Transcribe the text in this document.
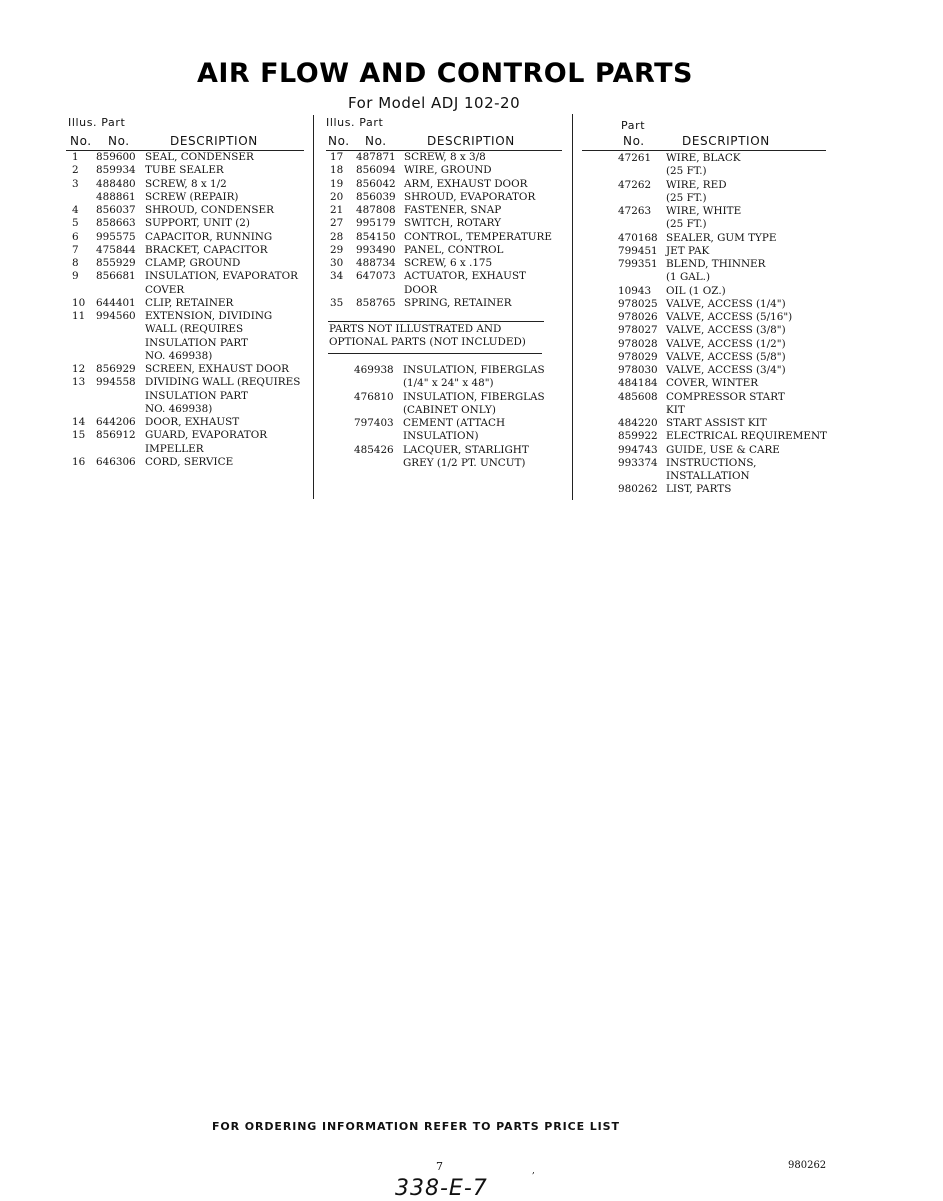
AIR FLOW AND CONTROL PARTS
For Model ADJ 102-20
Illus. Part
No. No.	DESCRIPTION
1 859600 SEAL, CONDENSER
2 859934 TUBE SEALER
3 488480 SCREW, 8 x 1/2
488861 SCREW (REPAIR)
4 856037 SHROUD, CONDENSER
5 858663 SUPPORT, UNIT (2)
6 995575 CAPACITOR, RUNNING
7 475844 BRACKET, CAPACITOR
8 855929 CLAMP, GROUND
9 856681 INSULATION, EVAPORATOR
COVER
10 644401 CLIP, RETAINER
11 994560 EXTENSION, DIVIDING
WALL (REQUIRES
INSULATION PART
NO. 469938)
12 856929 SCREEN, EXHAUST DOOR
13 994558 DIVIDING WALL (REQUIRES
INSULATION PART
NO. 469938)
14 644206 DOOR, EXHAUST
15 856912 GUARD, EVAPORATOR
IMPELLER
16 646306 CORD, SERVICE
Illus. Part
No. No.	DESCRIPTION
17 487871 SCREW, 8 x 3/8
18 856094 WIRE, GROUND
19 856042 ARM, EXHAUST DOOR
20 856039 SHROUD, EVAPORATOR
21 487808 FASTENER, SNAP
27 995179 SWITCH, ROTARY
28 854150 CONTROL, TEMPERATURE
29 993490 PANEL, CONTROL
30 488734 SCREW, 6 x .175
34 647073 ACTUATOR, EXHAUST
DOOR
35 858765 SPRING, RETAINER
PARTS NOT ILLUSTRATED AND
OPTIONAL PARTS (NOT INCLUDED)
469938 INSULATION, FIBERGLAS
(1/4" x 24" x 48")
476810 INSULATION, FIBERGLAS
(CABINET ONLY)
797403 CEMENT (ATTACH
INSULATION)
485426 LACQUER, STARLIGHT
GREY (1/2 PT. UNCUT)
Part
No.	DESCRIPTION
47261 WIRE, BLACK
(25 FT.)
47262 WIRE, RED
(25 FT.)
47263 WIRE, WHITE
(25 FT.)
470168 SEALER, GUM TYPE
799451 JET PAK
799351 BLEND, THINNER
(1 GAL.)
10943 OIL (1 OZ.)
978025 VALVE, ACCESS (1/4")
978026 VALVE, ACCESS (5/16")
978027 VALVE, ACCESS (3/8")
978028 VALVE, ACCESS (1/2")
978029 VALVE, ACCESS (5/8")
978030 VALVE, ACCESS (3/4")
484184 COVER, WINTER
485608 COMPRESSOR START
KIT
484220 START ASSIST KIT
859922 ELECTRICAL REQUIREMENT
994743 GUIDE, USE & CARE
993374 INSTRUCTIONS,
INSTALLATION
980262 LIST, PARTS
FOR ORDERING INFORMATION REFER TO PARTS PRICE LIST
7	,	980262
338-E-7
